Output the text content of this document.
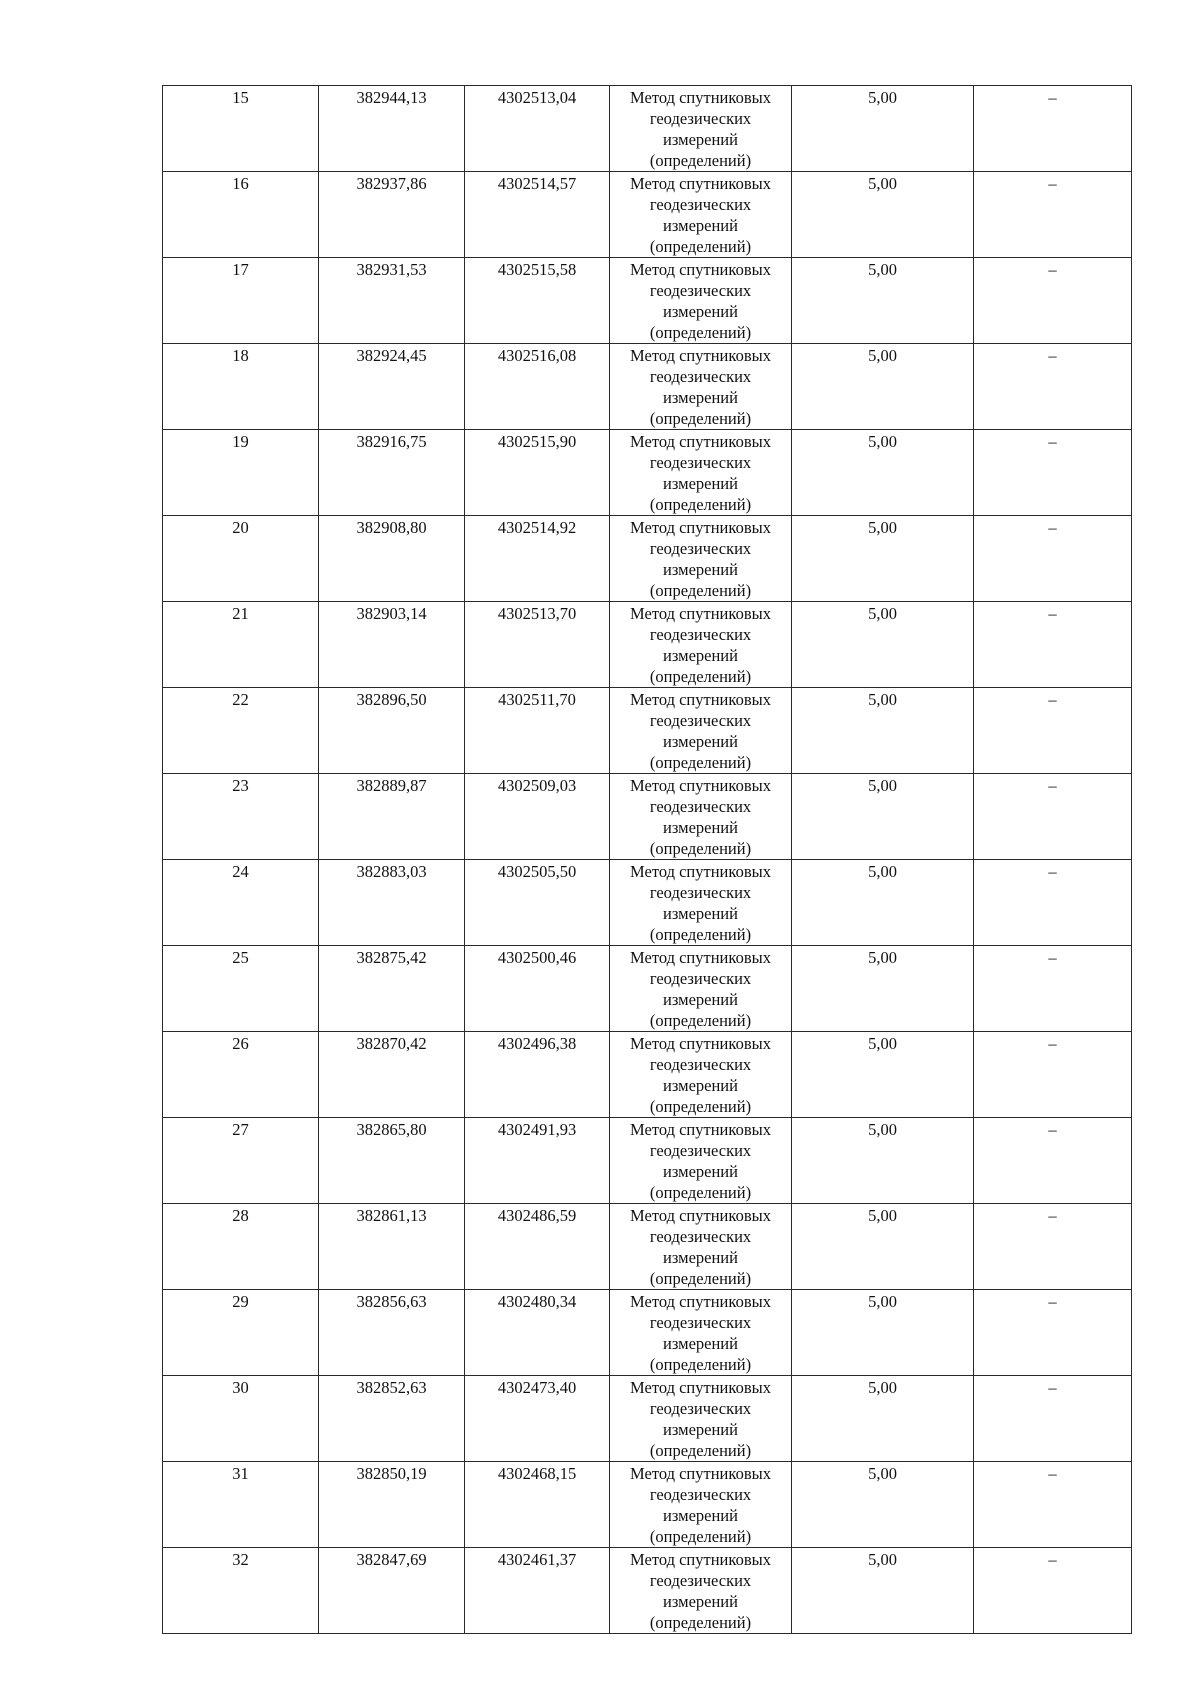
15	382944,13	4302513,04	Метод спутниковых
геодезических
измерений
(определений)	5,00	–
16	382937,86	4302514,57	Метод спутниковых
геодезических
измерений
(определений)	5,00	–
17	382931,53	4302515,58	Метод спутниковых
геодезических
измерений
(определений)	5,00	–
18	382924,45	4302516,08	Метод спутниковых
геодезических
измерений
(определений)	5,00	–
19	382916,75	4302515,90	Метод спутниковых
геодезических
измерений
(определений)	5,00	–
20	382908,80	4302514,92	Метод спутниковых
геодезических
измерений
(определений)	5,00	–
21	382903,14	4302513,70	Метод спутниковых
геодезических
измерений
(определений)	5,00	–
22	382896,50	4302511,70	Метод спутниковых
геодезических
измерений
(определений)	5,00	–
23	382889,87	4302509,03	Метод спутниковых
геодезических
измерений
(определений)	5,00	–
24	382883,03	4302505,50	Метод спутниковых
геодезических
измерений
(определений)	5,00	–
25	382875,42	4302500,46	Метод спутниковых
геодезических
измерений
(определений)	5,00	–
26	382870,42	4302496,38	Метод спутниковых
геодезических
измерений
(определений)	5,00	–
27	382865,80	4302491,93	Метод спутниковых
геодезических
измерений
(определений)	5,00	–
28	382861,13	4302486,59	Метод спутниковых
геодезических
измерений
(определений)	5,00	–
29	382856,63	4302480,34	Метод спутниковых
геодезических
измерений
(определений)	5,00	–
30	382852,63	4302473,40	Метод спутниковых
геодезических
измерений
(определений)	5,00	–
31	382850,19	4302468,15	Метод спутниковых
геодезических
измерений
(определений)	5,00	–
32	382847,69	4302461,37	Метод спутниковых
геодезических
измерений
(определений)	5,00	–
